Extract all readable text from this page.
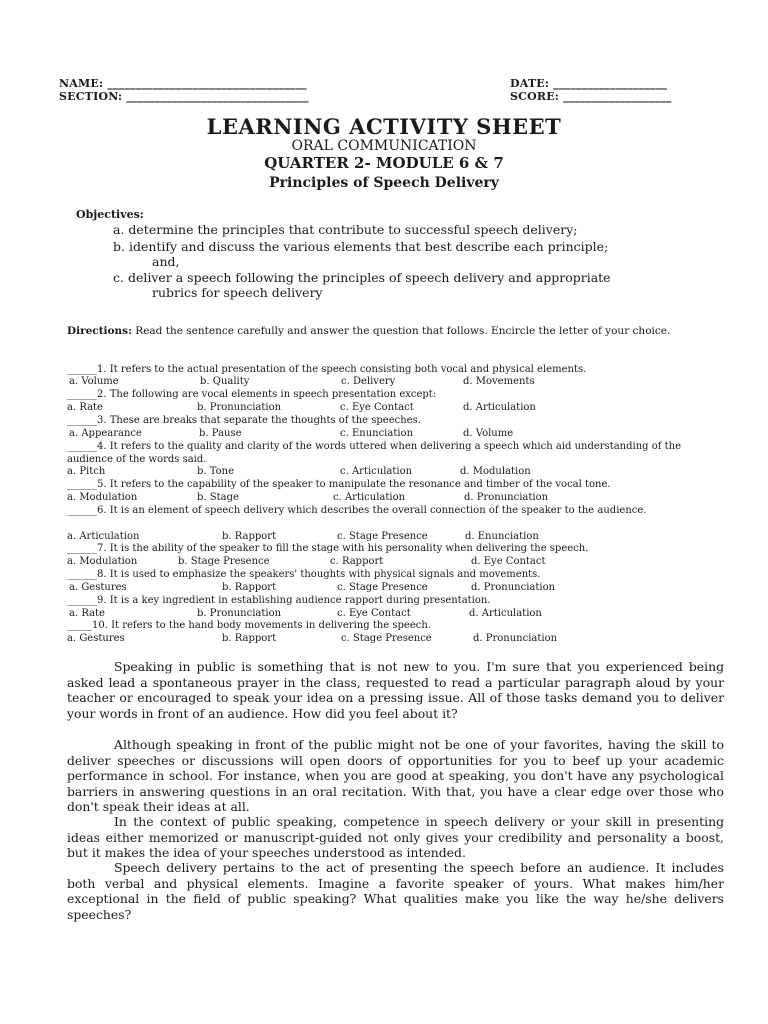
NAME: ___________________________________
SECTION: ________________________________
DATE: ____________________
SCORE: ___________________
LEARNING ACTIVITY SHEET
ORAL COMMUNICATION
QUARTER 2- MODULE 6 & 7
Principles of Speech Delivery
Objectives:
a. determine the principles that contribute to successful speech delivery;
b. identify and discuss the various elements that best describe each principle;
and,
c. deliver a speech following the principles of speech delivery and appropriate
rubrics for speech delivery
Directions: Read the sentence carefully and answer the question that follows. Encircle the letter of your choice.
______1. It refers to the actual presentation of the speech consisting both vocal and physical elements.
a. Volume	b. Quality	c. Delivery	d. Movements
______2. The following are vocal elements in speech presentation except:
a. Rate	b. Pronunciation	c. Eye Contact	d. Articulation
______3. These are breaks that separate the thoughts of the speeches.
a. Appearance	b. Pause	c. Enunciation	d. Volume
______4. It refers to the quality and clarity of the words uttered when delivering a speech which aid understanding of the audience of the words said.
a. Pitch	b. Tone	c. Articulation	d. Modulation
______5. It refers to the capability of the speaker to manipulate the resonance and timber of the vocal tone.
a. Modulation	b. Stage	c. Articulation	d. Pronunciation
______6. It is an element of speech delivery which describes the overall connection of the speaker to the audience.
a. Articulation	b. Rapport	c. Stage Presence	d. Enunciation
______7. It is the ability of the speaker to fill the stage with his personality when delivering the speech.
a. Modulation	b. Stage Presence	c. Rapport	d. Eye Contact
______8. It is used to emphasize the speakers' thoughts with physical signals and movements.
a. Gestures	b. Rapport	c. Stage Presence	d. Pronunciation
______9. It is a key ingredient in establishing audience rapport during presentation.
a. Rate	b. Pronunciation	c. Eye Contact	d. Articulation
_____10. It refers to the hand body movements in delivering the speech.
a. Gestures	b. Rapport	c. Stage Presence	d. Pronunciation
Speaking in public is something that is not new to you. I'm sure that you experienced being asked lead a spontaneous prayer in the class, requested to read a particular paragraph aloud by your teacher or encouraged to speak your idea on a pressing issue. All of those tasks demand you to deliver your words in front of an audience. How did you feel about it?
Although speaking in front of the public might not be one of your favorites, having the skill to deliver speeches or discussions will open doors of opportunities for you to beef up your academic performance in school. For instance, when you are good at speaking, you don't have any psychological barriers in answering questions in an oral recitation. With that, you have a clear edge over those who don't speak their ideas at all.
In the context of public speaking, competence in speech delivery or your skill in presenting ideas either memorized or manuscript-guided not only gives your credibility and personality a boost, but it makes the idea of your speeches understood as intended.
Speech delivery pertains to the act of presenting the speech before an audience. It includes both verbal and physical elements. Imagine a favorite speaker of yours. What makes him/her exceptional in the field of public speaking? What qualities make you like the way he/she delivers speeches?
